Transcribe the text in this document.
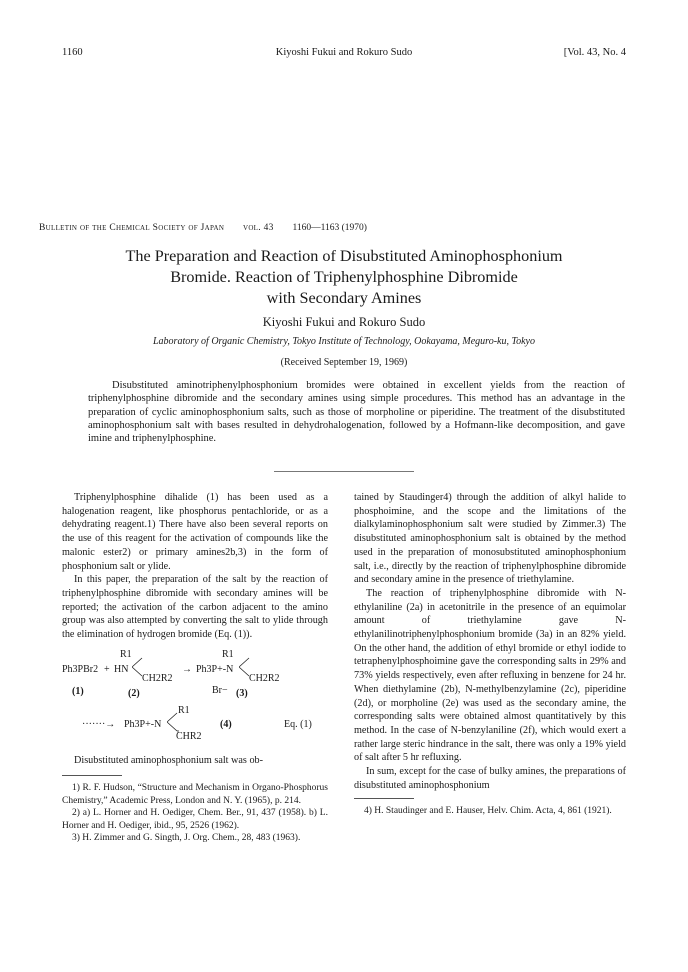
1160	Kiyoshi Fukui and Rokuro Sudo	[Vol. 43, No. 4
Bulletin of the Chemical Society of Japan vol. 43 1160—1163 (1970)
The Preparation and Reaction of Disubstituted Aminophosphonium
Bromide. Reaction of Triphenylphosphine Dibromide
with Secondary Amines
Kiyoshi Fukui and Rokuro Sudo
Laboratory of Organic Chemistry, Tokyo Institute of Technology, Ookayama, Meguro-ku, Tokyo
(Received September 19, 1969)
Disubstituted aminotriphenylphosphonium bromides were obtained in excellent yields from the reaction of triphenylphosphine dibromide and the secondary amines using simple procedures. This method has an advantage in the preparation of cyclic aminophosphonium salts, such as those of morpholine or piperidine. The treatment of the disubstituted aminophosphonium salt with bases resulted in dehydrohalogenation, followed by a Hofmann-like decomposition, and gave imine and triphenylphosphine.

Triphenylphosphine dihalide (1) has been used as a halogenation reagent, like phosphorus pentachloride, or as a dehydrating reagent.1) There have also been several reports on the use of this reagent for the activation of compounds like the malonic ester2) or primary amines2b,3) in the form of phosphonium salt or ylide.

In this paper, the preparation of the salt by the reaction of triphenylphosphine dibromide with secondary amines will be reported; the activation of the carbon adjacent to the amino group was also attempted by converting the salt to ylide through the elimination of hydrogen bromide (Eq. (1)).

R1	R1
Ph3PBr2 + HN
CH2R2
→ Ph3P+-N
CH2R2
Br−
(1)	(2)	(3)
R1
·······→ Ph3P+-N
CHR2
(4)	Eq. (1)

Disubstituted aminophosphonium salt was ob-

1) R. F. Hudson, “Structure and Mechanism in Organo-Phosphorus Chemistry,” Academic Press, London and N. Y. (1965), p. 214.

2) a) L. Horner and H. Oediger, Chem. Ber., 91, 437 (1958). b) L. Horner and H. Oediger, ibid., 95, 2526 (1962).

3) H. Zimmer and G. Singth, J. Org. Chem., 28, 483 (1963).

tained by Staudinger4) through the addition of alkyl halide to phosphoimine, and the scope and the limitations of the dialkylaminophosphonium salt were studied by Zimmer.3) The disubstituted aminophosphonium salt is obtained by the method used in the preparation of monosubstituted aminophosphonium salt, i.e., directly by the reaction of triphenylphosphine dibromide and secondary amine in the presence of triethylamine.

The reaction of triphenylphosphine dibromide with N-ethylaniline (2a) in acetonitrile in the presence of an equimolar amount of triethylamine gave N-ethylanilinotriphenylphosphonium bromide (3a) in an 82% yield. On the other hand, the addition of ethyl bromide or ethyl iodide to tetraphenylphosphoimine gave the corresponding salts in 29% and 73% yields respectively, even after refluxing in benzene for 24 hr. When diethylamine (2b), N-methylbenzylamine (2c), piperidine (2d), or morpholine (2e) was used as the secondary amine, the corresponding salts were obtained almost quantitatively by this method. In the case of N-benzylaniline (2f), which would exert a rather large steric hindrance in the salt, there was only a 19% yield of salt after 5 hr refluxing.

In sum, except for the case of bulky amines, the preparations of disubstituted aminophosphonium

4) H. Staudinger and E. Hauser, Helv. Chim. Acta, 4, 861 (1921).
